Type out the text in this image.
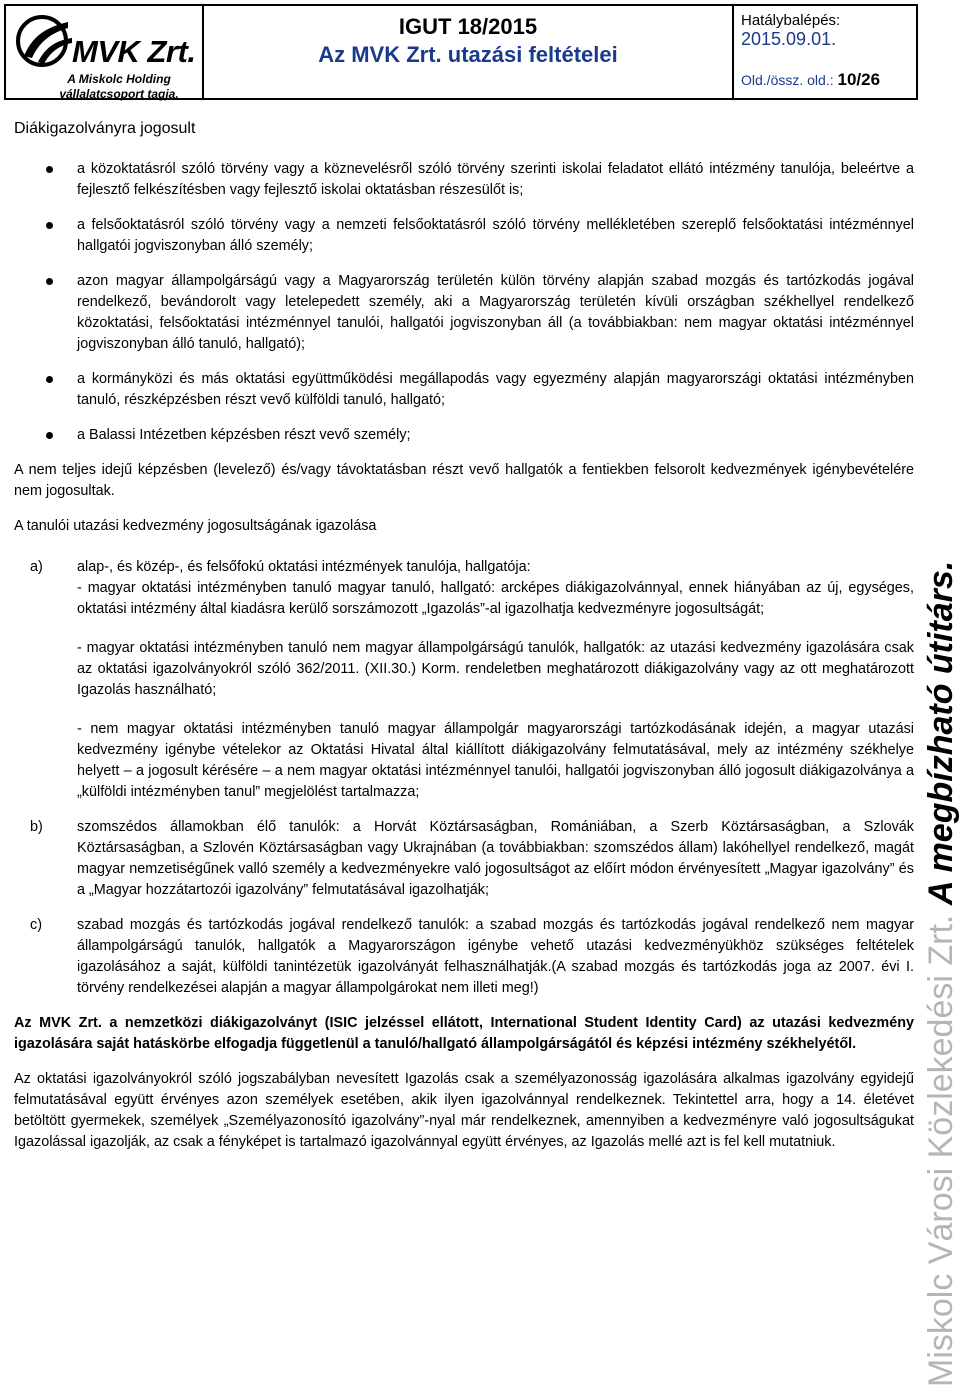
MVK Zrt.
A Miskolc Holding vállalatcsoport tagja.
IGUT 18/2015
Az MVK Zrt. utazási feltételei
Hatálybalépés:
2015.09.01.
Old./össz. old.: 10/26
Diákigazolványra jogosult
a közoktatásról szóló törvény vagy a köznevelésről szóló törvény szerinti iskolai feladatot ellátó intézmény tanulója, beleértve a fejlesztő felkészítésben vagy fejlesztő iskolai oktatásban részesülőt is;
a felsőoktatásról szóló törvény vagy a nemzeti felsőoktatásról szóló törvény mellékletében szereplő felsőoktatási intézménnyel hallgatói jogviszonyban álló személy;
azon magyar állampolgárságú vagy a Magyarország területén külön törvény alapján szabad mozgás és tartózkodás jogával rendelkező, bevándorolt vagy letelepedett személy, aki a Magyarország területén kívüli országban székhellyel rendelkező közoktatási, felsőoktatási intézménnyel tanulói, hallgatói jogviszonyban áll (a továbbiakban: nem magyar oktatási intézménnyel jogviszonyban álló tanuló, hallgató);
a kormányközi és más oktatási együttműködési megállapodás vagy egyezmény alapján magyarországi oktatási intézményben tanuló, részképzésben részt vevő külföldi tanuló, hallgató;
a Balassi Intézetben képzésben részt vevő személy;

A nem teljes idejű képzésben (levelező) és/vagy távoktatásban részt vevő hallgatók a fentiekben felsorolt kedvezmények igénybevételére nem jogosultak.

A tanulói utazási kedvezmény jogosultságának igazolása
a) alap-, és közép-, és felsőfokú oktatási intézmények tanulója, hallgatója:
- magyar oktatási intézményben tanuló magyar tanuló, hallgató: arcképes diákigazolvánnyal, ennek hiányában az új, egységes, oktatási intézmény által kiadásra kerülő sorszámozott „Igazolás”-al igazolhatja kedvezményre jogosultságát;
- magyar oktatási intézményben tanuló nem magyar állampolgárságú tanulók, hallgatók: az utazási kedvezmény igazolására csak az oktatási igazolványokról szóló 362/2011. (XII.30.) Korm. rendeletben meghatározott diákigazolvány vagy az ott meghatározott Igazolás használható;
- nem magyar oktatási intézményben tanuló magyar állampolgár magyarországi tartózkodásának idején, a magyar utazási kedvezmény igénybe vételekor az Oktatási Hivatal által kiállított diákigazolvány felmutatásával, mely az intézmény székhelye helyett – a jogosult kérésére – a nem magyar oktatási intézménnyel tanulói, hallgatói jogviszonyban álló jogosult diákigazolványa a „külföldi intézményben tanul” megjelölést tartalmazza;
b) szomszédos államokban élő tanulók: a Horvát Köztársaságban, Romániában, a Szerb Köztársaságban, a Szlovák Köztársaságban, a Szlovén Köztársaságban vagy Ukrajnában (a továbbiakban: szomszédos állam) lakóhellyel rendelkező, magát magyar nemzetiségűnek valló személy a kedvezményekre való jogosultságot az előírt módon érvényesített „Magyar igazolvány” és a „Magyar hozzátartozói igazolvány” felmutatásával igazolhatják;
c) szabad mozgás és tartózkodás jogával rendelkező tanulók: a szabad mozgás és tartózkodás jogával rendelkező nem magyar állampolgárságú tanulók, hallgatók a Magyarországon igénybe vehető utazási kedvezményükhöz szükséges feltételek igazolásához a saját, külföldi tanintézetük igazolványát felhasználhatják.(A szabad mozgás és tartózkodás joga az 2007. évi I. törvény rendelkezései alapján a magyar állampolgárokat nem illeti meg!)

Az MVK Zrt. a nemzetközi diákigazolványt (ISIC jelzéssel ellátott, International Student Identity Card) az utazási kedvezmény igazolására saját hatáskörbe elfogadja függetlenül a tanuló/hallgató állampolgárságától és képzési intézmény székhelyétől.

Az oktatási igazolványokról szóló jogszabályban nevesített Igazolás csak a személyazonosság igazolására alkalmas igazolvány egyidejű felmutatásával együtt érvényes azon személyek esetében, akik ilyen igazolvánnyal rendelkeznek. Tekintettel arra, hogy a 14. életévet betöltött gyermekek, személyek „Személyazonosító igazolvány”-nyal már rendelkeznek, amennyiben a kedvezményre való jogosultságukat Igazolással igazolják, az csak a fényképet is tartalmazó igazolvánnyal együtt érvényes, az Igazolás mellé azt is fel kell mutatniuk.	Miskolc Városi Közlekedési Zrt. A megbízható útitárs.
